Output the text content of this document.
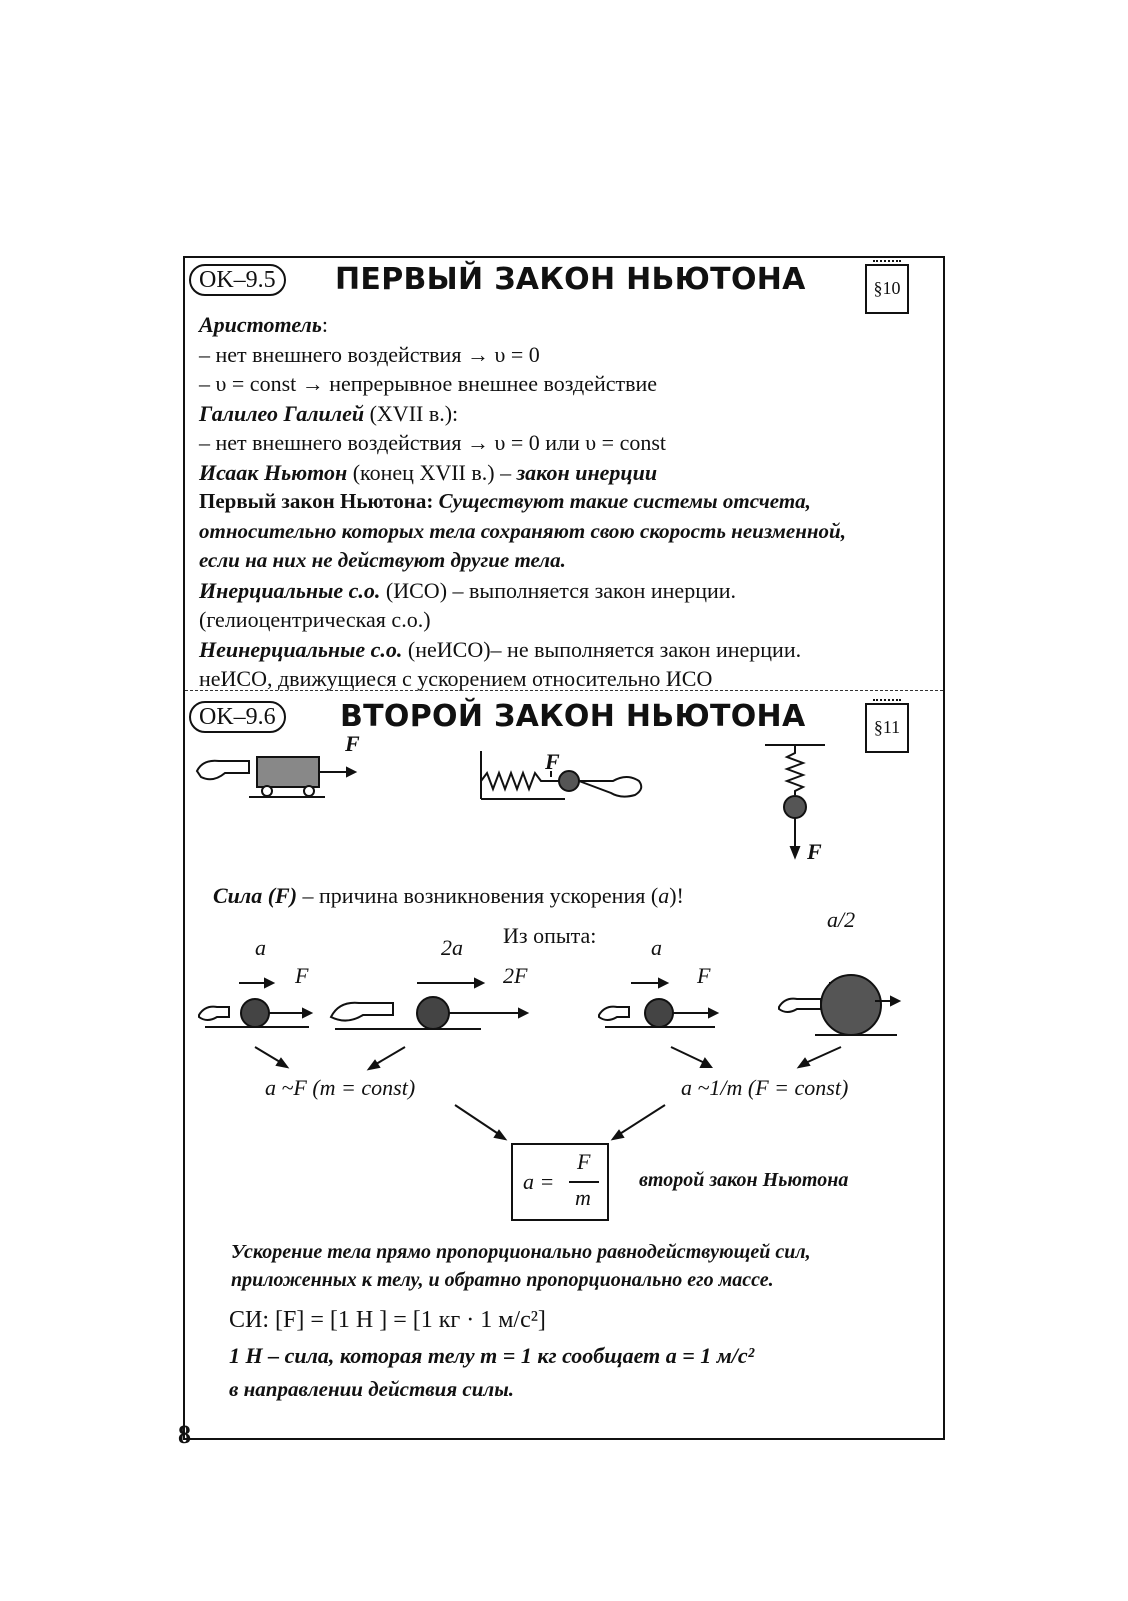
OK–9.5	ПЕРВЫЙ ЗАКОН НЬЮТОНА	§10
Аристотель:
– нет внешнего воздействия → υ = 0
– υ = const → непрерывное внешнее воздействие
Галилео Галилей (XVII в.):
– нет внешнего воздействия → υ = 0 или υ = const
Исаак Ньютон (конец XVII в.) – закон инерции
Первый закон Ньютона: Существуют такие системы отсчета,
относительно которых тела сохраняют свою скорость неизменной,
если на них не действуют другие тела.
Инерциальные с.о. (ИСО) – выполняется закон инерции.
(гелиоцентрическая с.о.)
Неинерциальные с.о. (неИСО)– не выполняется закон инерции.
неИСО, движущиеся с ускорением относительно ИСО
OK–9.6	ВТОРОЙ ЗАКОН НЬЮТОНА	§11
F
F
F
Сила (F) – причина возникновения ускорения (a)!
Из опыта:
a
F
2a
2F
a
F
a/2
a ~F (m = const)	a ~1/m (F = const)
a =
F
m
второй закон Ньютона
Ускорение тела прямо пропорционально равнодействующей сил,
приложенных к телу, и обратно пропорционально его массе.
СИ: [F] = [1 Н ] = [1 кг · 1 м/с²]
1 Н – сила, которая телу m = 1 кг сообщает a = 1 м/с²
в направлении действия силы.
8
